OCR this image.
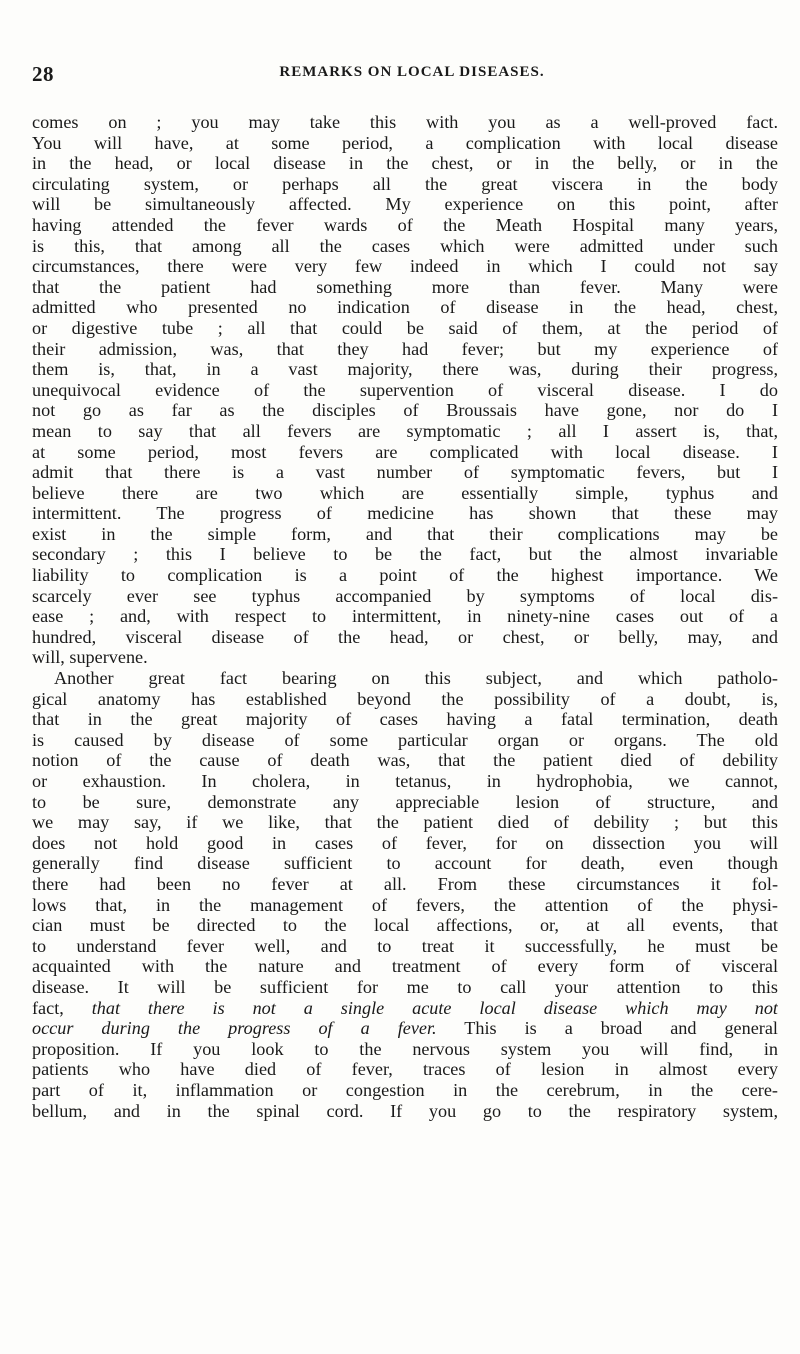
28	REMARKS ON LOCAL DISEASES.
comes on ; you may take this with you as a well-proved fact.
You will have, at some period, a complication with local disease
in the head, or local disease in the chest, or in the belly, or in the
circulating system, or perhaps all the great viscera in the body
will be simultaneously affected. My experience on this point, after
having attended the fever wards of the Meath Hospital many years,
is this, that among all the cases which were admitted under such
circumstances, there were very few indeed in which I could not say
that the patient had something more than fever. Many were
admitted who presented no indication of disease in the head, chest,
or digestive tube ; all that could be said of them, at the period of
their admission, was, that they had fever; but my experience of
them is, that, in a vast majority, there was, during their progress,
unequivocal evidence of the supervention of visceral disease. I do
not go as far as the disciples of Broussais have gone, nor do I
mean to say that all fevers are symptomatic ; all I assert is, that,
at some period, most fevers are complicated with local disease. I
admit that there is a vast number of symptomatic fevers, but I
believe there are two which are essentially simple, typhus and
intermittent. The progress of medicine has shown that these may
exist in the simple form, and that their complications may be
secondary ; this I believe to be the fact, but the almost invariable
liability to complication is a point of the highest importance. We
scarcely ever see typhus accompanied by symptoms of local dis-
ease ; and, with respect to intermittent, in ninety-nine cases out of a
hundred, visceral disease of the head, or chest, or belly, may, and
will, supervene.
Another great fact bearing on this subject, and which patholo-
gical anatomy has established beyond the possibility of a doubt, is,
that in the great majority of cases having a fatal termination, death
is caused by disease of some particular organ or organs. The old
notion of the cause of death was, that the patient died of debility
or exhaustion. In cholera, in tetanus, in hydrophobia, we cannot,
to be sure, demonstrate any appreciable lesion of structure, and
we may say, if we like, that the patient died of debility ; but this
does not hold good in cases of fever, for on dissection you will
generally find disease sufficient to account for death, even though
there had been no fever at all. From these circumstances it fol-
lows that, in the management of fevers, the attention of the physi-
cian must be directed to the local affections, or, at all events, that
to understand fever well, and to treat it successfully, he must be
acquainted with the nature and treatment of every form of visceral
disease. It will be sufficient for me to call your attention to this
fact, that there is not a single acute local disease which may not
occur during the progress of a fever. This is a broad and general
proposition. If you look to the nervous system you will find, in
patients who have died of fever, traces of lesion in almost every
part of it, inflammation or congestion in the cerebrum, in the cere-
bellum, and in the spinal cord. If you go to the respiratory system,
